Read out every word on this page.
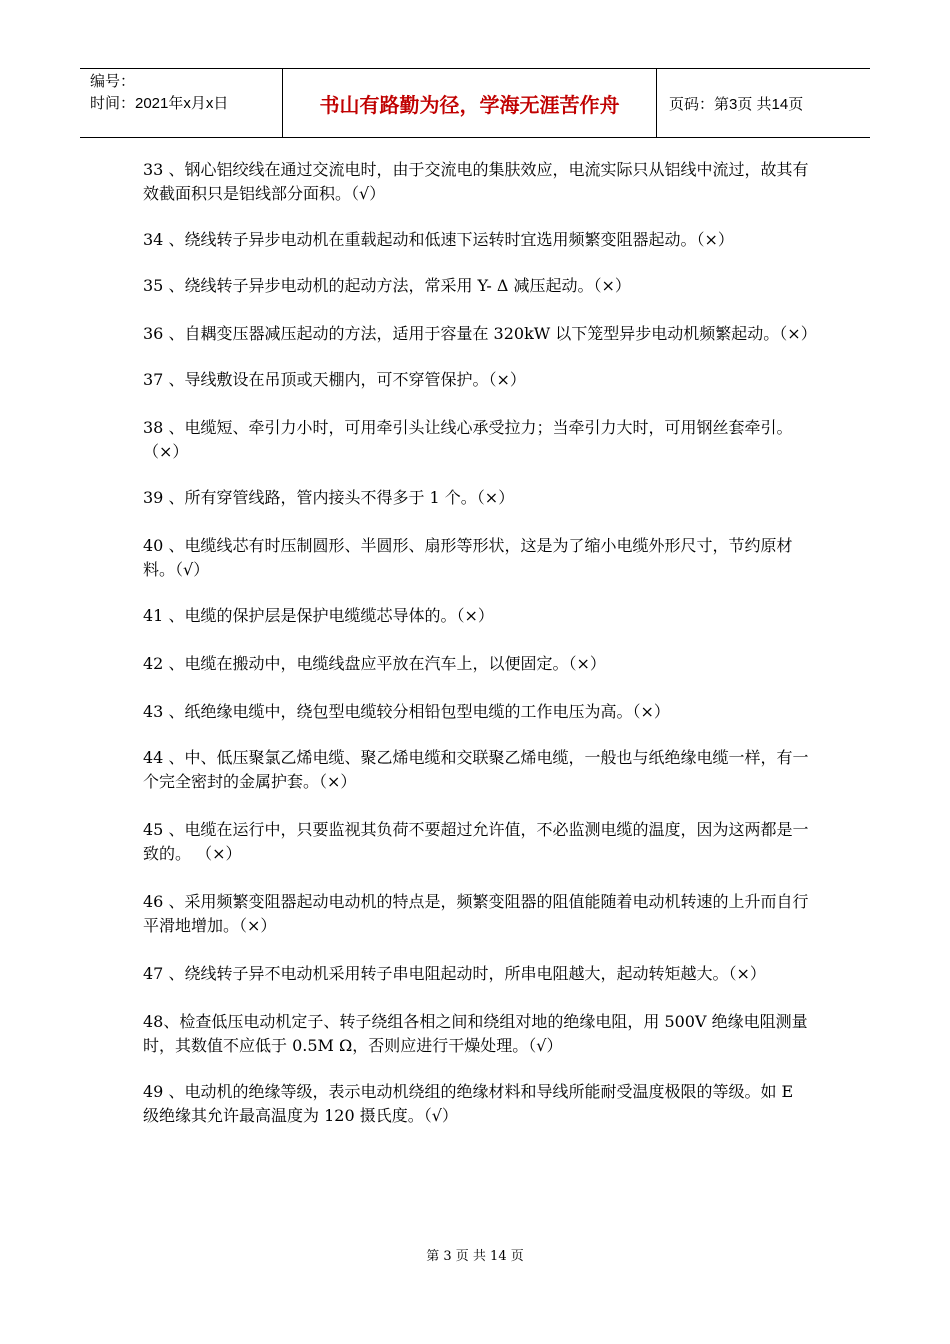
编号：
时间：2021年x月x日	书山有路勤为径，学海无涯苦作舟	页码：第3页 共14页

33 、钢心铝绞线在通过交流电时，由于交流电的集肤效应，电流实际只从铝线中流过，故其有效截面积只是铝线部分面积。（√）

34 、绕线转子异步电动机在重载起动和低速下运转时宜选用频繁变阻器起动。（×）

35 、绕线转子异步电动机的起动方法，常采用 Y- Δ 减压起动。（×）

36 、自耦变压器减压起动的方法，适用于容量在 320kW 以下笼型异步电动机频繁起动。（×）

37 、导线敷设在吊顶或天棚内，可不穿管保护。（×）

38 、电缆短、牵引力小时，可用牵引头让线心承受拉力；当牵引力大时，可用钢丝套牵引。（×）

39 、所有穿管线路，管内接头不得多于 1 个。（×）

40 、电缆线芯有时压制圆形、半圆形、扇形等形状，这是为了缩小电缆外形尺寸，节约原材料。（√）

41 、电缆的保护层是保护电缆缆芯导体的。（×）

42 、电缆在搬动中，电缆线盘应平放在汽车上，以便固定。（×）

43 、纸绝缘电缆中，绕包型电缆较分相铅包型电缆的工作电压为高。（×）

44 、中、低压聚氯乙烯电缆、聚乙烯电缆和交联聚乙烯电缆，一般也与纸绝缘电缆一样，有一个完全密封的金属护套。（×）

45 、电缆在运行中，只要监视其负荷不要超过允许值，不必监测电缆的温度，因为这两都是一致的。 （×）

46 、采用频繁变阻器起动电动机的特点是，频繁变阻器的阻值能随着电动机转速的上升而自行平滑地增加。（×）

47 、绕线转子异不电动机采用转子串电阻起动时，所串电阻越大，起动转矩越大。（×）

48、检查低压电动机定子、转子绕组各相之间和绕组对地的绝缘电阻，用 500V 绝缘电阻测量时，其数值不应低于 0.5M Ω，否则应进行干燥处理。（√）

49 、电动机的绝缘等级，表示电动机绕组的绝缘材料和导线所能耐受温度极限的等级。如 E 级绝缘其允许最高温度为 120 摄氏度。（√）

第 3 页 共 14 页
